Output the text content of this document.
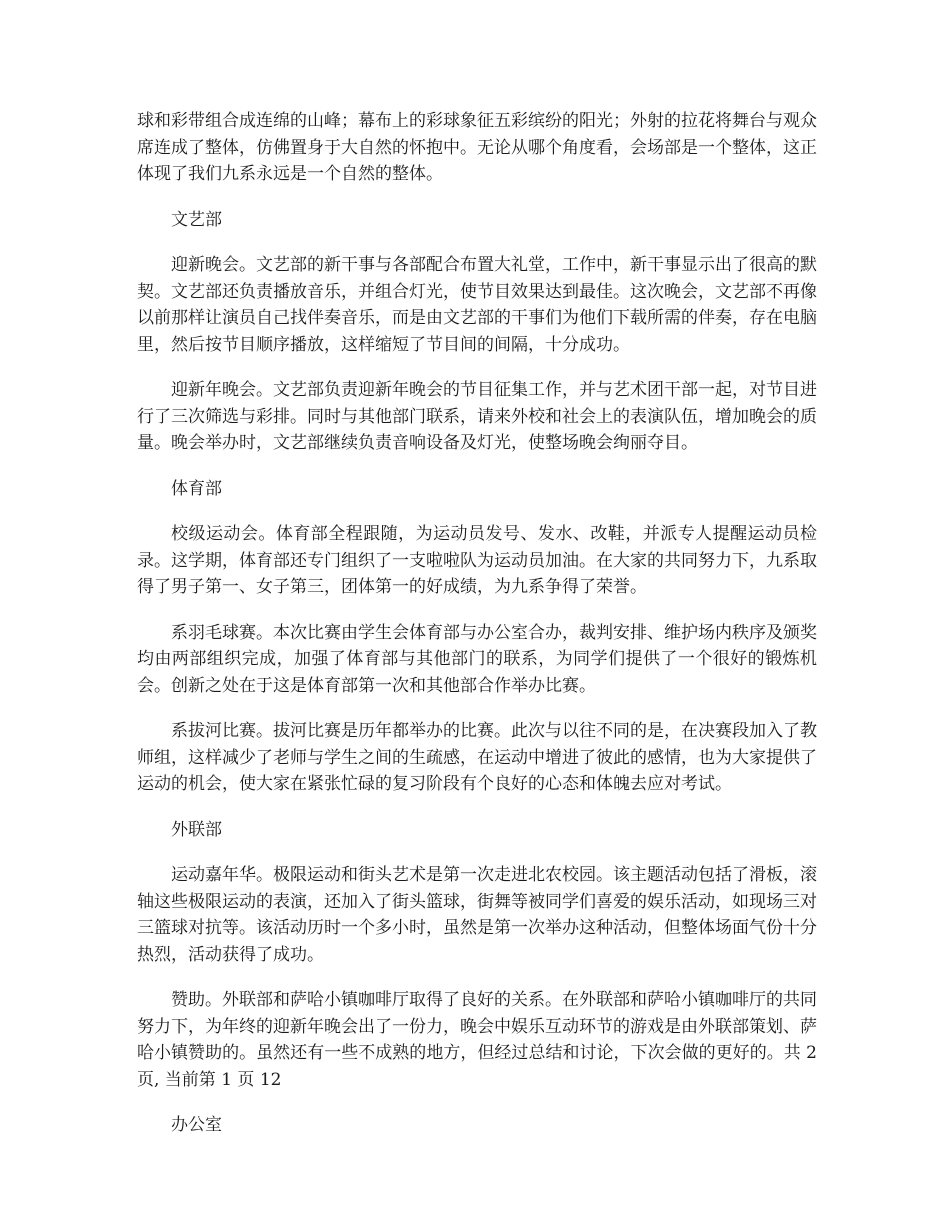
球和彩带组合成连绵的山峰；幕布上的彩球象征五彩缤纷的阳光；外射的拉花将舞台与观众席连成了整体，仿佛置身于大自然的怀抱中。无论从哪个角度看，会场部是一个整体，这正体现了我们九系永远是一个自然的整体。

文艺部

迎新晚会。文艺部的新干事与各部配合布置大礼堂，工作中，新干事显示出了很高的默契。文艺部还负责播放音乐，并组合灯光，使节目效果达到最佳。这次晚会，文艺部不再像以前那样让演员自己找伴奏音乐，而是由文艺部的干事们为他们下载所需的伴奏，存在电脑里，然后按节目顺序播放，这样缩短了节目间的间隔，十分成功。

迎新年晚会。文艺部负责迎新年晚会的节目征集工作，并与艺术团干部一起，对节目进行了三次筛选与彩排。同时与其他部门联系，请来外校和社会上的表演队伍，增加晚会的质量。晚会举办时，文艺部继续负责音响设备及灯光，使整场晚会绚丽夺目。

体育部

校级运动会。体育部全程跟随，为运动员发号、发水、改鞋，并派专人提醒运动员检录。这学期，体育部还专门组织了一支啦啦队为运动员加油。在大家的共同努力下，九系取得了男子第一、女子第三，团体第一的好成绩，为九系争得了荣誉。

系羽毛球赛。本次比赛由学生会体育部与办公室合办，裁判安排、维护场内秩序及颁奖均由两部组织完成，加强了体育部与其他部门的联系，为同学们提供了一个很好的锻炼机会。创新之处在于这是体育部第一次和其他部合作举办比赛。

系拔河比赛。拔河比赛是历年都举办的比赛。此次与以往不同的是，在决赛段加入了教师组，这样减少了老师与学生之间的生疏感，在运动中增进了彼此的感情，也为大家提供了运动的机会，使大家在紧张忙碌的复习阶段有个良好的心态和体魄去应对考试。

外联部

运动嘉年华。极限运动和街头艺术是第一次走进北农校园。该主题活动包括了滑板，滚轴这些极限运动的表演，还加入了街头篮球，街舞等被同学们喜爱的娱乐活动，如现场三对三篮球对抗等。该活动历时一个多小时，虽然是第一次举办这种活动，但整体场面气份十分热烈，活动获得了成功。

赞助。外联部和萨哈小镇咖啡厅取得了良好的关系。在外联部和萨哈小镇咖啡厅的共同努力下，为年终的迎新年晚会出了一份力，晚会中娱乐互动环节的游戏是由外联部策划、萨哈小镇赞助的。虽然还有一些不成熟的地方，但经过总结和讨论，下次会做的更好的。共 2 页, 当前第 1 页 12

办公室
